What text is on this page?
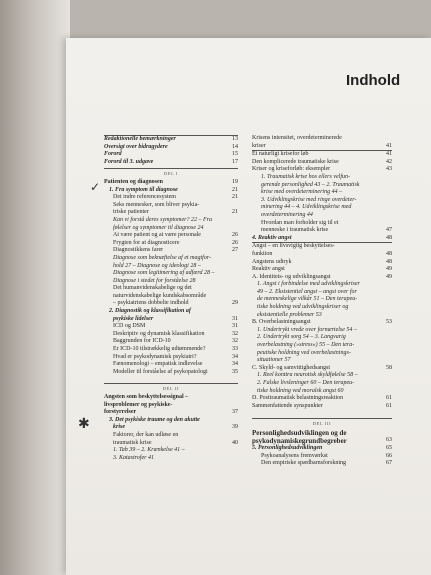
Indhold
✓
✱
Redaktionelle bemærkninger	13
Oversigt over bidragydere	14
Forord	15
Forord til 3. udgave	17
DEL I
Patienten og diagnosen	19
1. Fra symptom til diagnose	21
Det indre referencesystem	21
Seks mennesker, som bliver psykia-
triske patienter	21
Kan vi forstå deres symptomer? 22 – Fra
følelser og symptomer til diagnose 24
At være patient og at være personale	26
Frygten for at diagnosticere	26
Diagnostikkens farer	27
Diagnose som beknæftelse af et magtfor-
hold 27 – Diagnose og ideologi 28 –
Diagnose som legitimering af adfærd 28 –
Diagnose i stedet for forståelse 28
Det humanvidenskabelige og det
naturvidenskabelige kundskabsområde
– psykiatriens dobbelte indhold	29
2. Diagnostik og klassifikation af
psykiske lidelser	31
ICD og DSM	31
Deskriptiv og dynamisk klassifikation	32
Baggrunden for ICD-10	32
Er ICD-10 tilstrækkelig udtømmende?	33
Hvad er psykodynamisk psykiatri?	34
Fænomenologi – empatisk indlevelse	34
Modeller til forståelse af psykopatologi	35
DEL II
Angsten som beskyttelsessignal –
livsproblemer og psykiske-
forstyrrelser	37
3. Det psykiske traume og den akutte
krise	39
Faktorer, der kan udløse en
traumatisk krise	40
1. Tab 39 – 2. Krænkelse 41 –
3. Katastrofer 41
Krisens intensitet, overdeterminerede
kriser	41
Et naturligt krisefor løb	41
Den komplicerede traumatiske krise	42
Kriser og kriseforløb: eksempler	43
1. Traumatisk krise hos ellers velfun-
gerende personlighed 43 – 2. Traumatisk
krise med overdeterminering 44 –
3. Udviklingskrise med ringe overdeter-
minering 44 – 4. Udviklingskrise med
overdeterminering 44
Hvordan man forholder sig til et
menneske i traumatisk krise	47
4. Reaktiv angst	48
Angst – en livsvigtig beskyttelses-
funktion	48
Angstens udtryk	48
Reaktiv angst	49
A. Identitets- og udviklingsangst	49
1. Angst i forbindelse med udviklingskriser
49 – 2. Eksistentiel angst – angst over for
de menneskelige vilkår 51 – Den terapeu-
tiske holdning ved udviklingskriser og
eksistentielle problemer 53
B. Overbelastningsangst	53
1. Undertrykt vrede over fornærtelse 54 –
2. Undertrykt sorg 54 – 3. Langvarig
overbelastning (»stress«) 55 – Den tera-
peutiske holdning ved overbelastnings-
situationer 57
C. Skyld- og samvittighedsangst	58
1. Reel konttra neurotisk skyldfølelse 58 –
2. Falske livsleninger 60 – Den terapeu-
tiske holdning ved moralsk angst 60
D. Posttraumatisk belastningsreaktion	61
Sammenfattende synspunkter	61
DEL III
Personlighedsudviklingen og de
psykodynamiskegrundbegreber	63
5. Personlighedsudviklingen	65
Psykoanalysens fremværkst	66
Den empiriske spædbarnsforskning	67
